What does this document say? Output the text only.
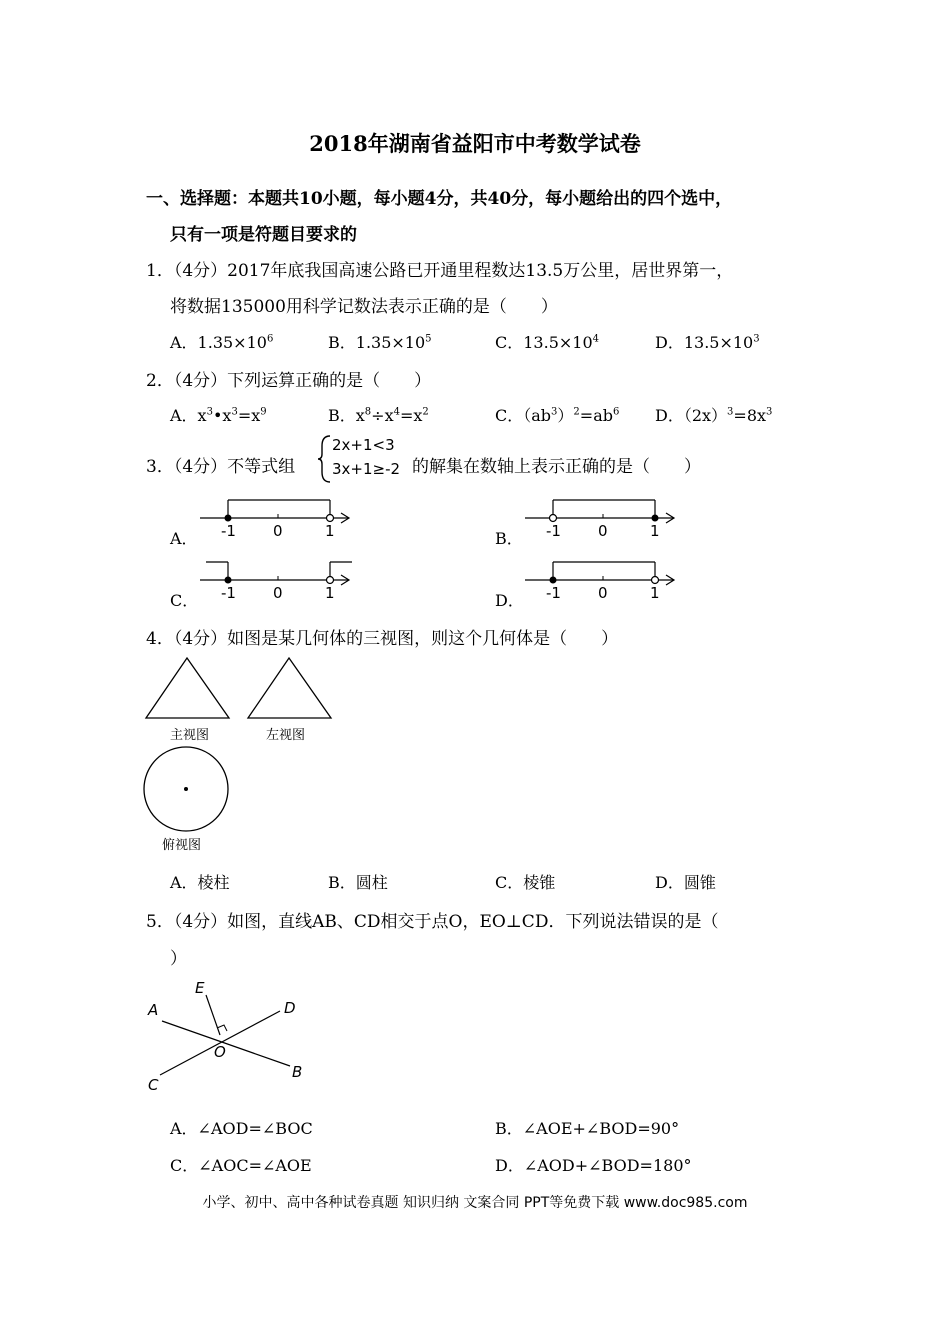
2018年湖南省益阳市中考数学试卷
一、选择题：本题共10小题，每小题4分，共40分，每小题给出的四个选中，
只有一项是符题目要求的
1．（4分）2017年底我国高速公路已开通里程数达13.5万公里，居世界第一，
将数据135000用科学记数法表示正确的是（　　）
A．$1.35\times 10^6$	B．$1.35\times 10^5$	C．$13.5\times 10^4$	D．$13.5\times 10^3$
2．（4分）下列运算正确的是（　　）
A．$x^3•x^3=x^9$	B．$x^8\div x^4=x^2$	C．$(ab^3)^2=ab^6$ D．$(2x)^3=8x^3$
3．（4分）不等式组
2x+1<3
3x+1≥-2 的解集在数轴上表示正确的是（　　）
A．	B．
C．	D．
-1 0	1	-1 0	1
-1 0	1	-1 0	1
4．（4分）如图是某几何体的三视图，则这个几何体是（　　）
主视图	左视图
俯视图
A．棱柱	B．圆柱	C．棱锥	D．圆锥
5．（4分）如图，直线AB、CD相交于点O，EO⊥CD．下列说法错误的是（
）
A
B
C
D
E
O
A．∠AOD=∠BOC	B．∠AOE+∠BOD=90°
C．∠AOC=∠AOE	D．∠AOD+∠BOD=180°
小学、初中、高中各种试卷真题 知识归纳 文案合同 PPT等免费下载 www.doc985.com
